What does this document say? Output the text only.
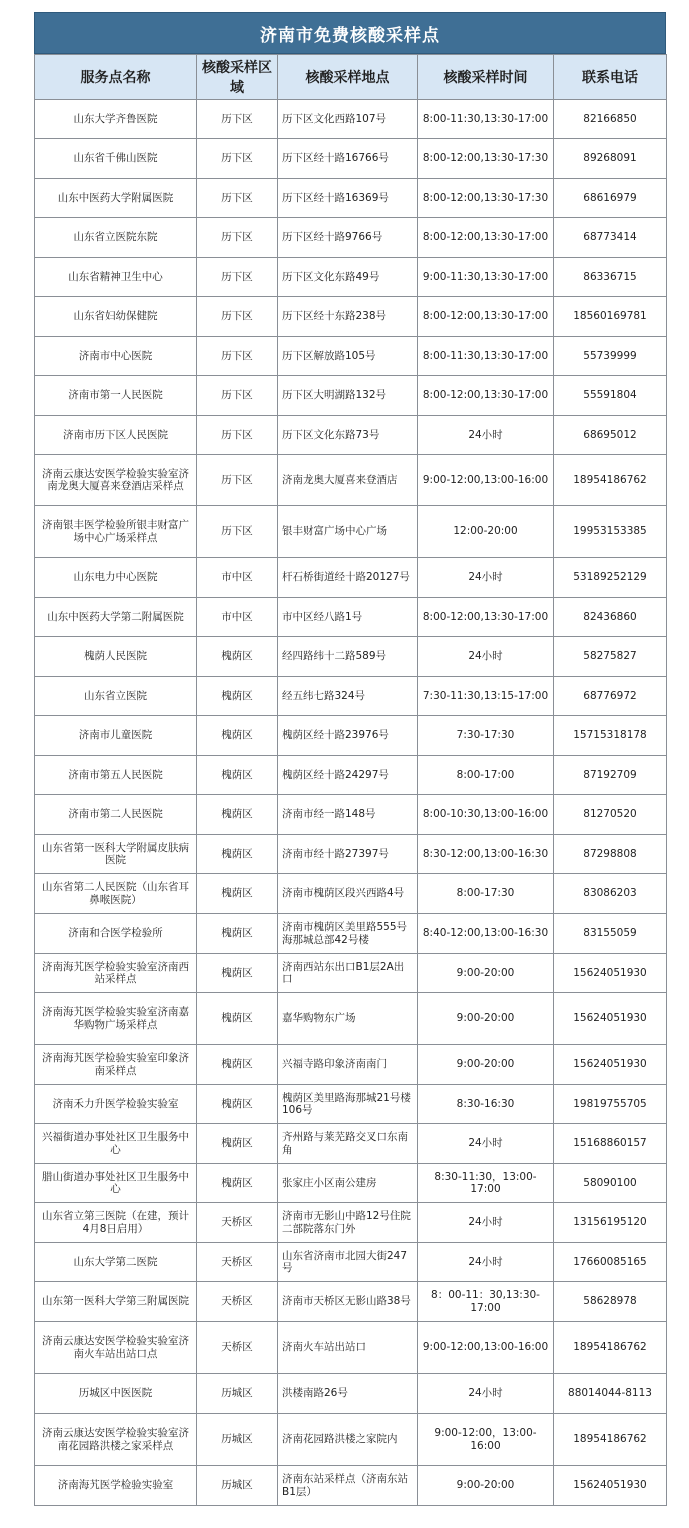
济南市免费核酸采样点
服务点名称	核酸采样区域	核酸采样地点	核酸采样时间	联系电话
山东大学齐鲁医院	历下区	历下区文化西路107号	8:00-11:30,13:30-17:00	82166850
山东省千佛山医院	历下区	历下区经十路16766号	8:00-12:00,13:30-17:30	89268091
山东中医药大学附属医院	历下区	历下区经十路16369号	8:00-12:00,13:30-17:30	68616979
山东省立医院东院	历下区	历下区经十路9766号	8:00-12:00,13:30-17:00	68773414
山东省精神卫生中心	历下区	历下区文化东路49号	9:00-11:30,13:30-17:00	86336715
山东省妇幼保健院	历下区	历下区经十东路238号	8:00-12:00,13:30-17:00	18560169781
济南市中心医院	历下区	历下区解放路105号	8:00-11:30,13:30-17:00	55739999
济南市第一人民医院	历下区	历下区大明湖路132号	8:00-12:00,13:30-17:00	55591804
济南市历下区人民医院	历下区	历下区文化东路73号	24小时	68695012
济南云康达安医学检验实验室济南龙奥大厦喜来登酒店采样点	历下区	济南龙奥大厦喜来登酒店	9:00-12:00,13:00-16:00	18954186762
济南银丰医学检验所银丰财富广场中心广场采样点	历下区	银丰财富广场中心广场	12:00-20:00	19953153385
山东电力中心医院	市中区	杆石桥街道经十路20127号	24小时	53189252129
山东中医药大学第二附属医院	市中区	市中区经八路1号	8:00-12:00,13:30-17:00	82436860
槐荫人民医院	槐荫区	经四路纬十二路589号	24小时	58275827
山东省立医院	槐荫区	经五纬七路324号	7:30-11:30,13:15-17:00	68776972
济南市儿童医院	槐荫区	槐荫区经十路23976号	7:30-17:30	15715318178
济南市第五人民医院	槐荫区	槐荫区经十路24297号	8:00-17:00	87192709
济南市第二人民医院	槐荫区	济南市经一路148号	8:00-10:30,13:00-16:00	81270520
山东省第一医科大学附属皮肤病医院	槐荫区	济南市经十路27397号	8:30-12:00,13:00-16:30	87298808
山东省第二人民医院（山东省耳鼻喉医院）	槐荫区	济南市槐荫区段兴西路4号	8:00-17:30	83086203
济南和合医学检验所	槐荫区	济南市槐荫区美里路555号海那城总部42号楼	8:40-12:00,13:00-16:30	83155059
济南海艽医学检验实验室济南西站采样点	槐荫区	济南西站东出口B1层2A出口	9:00-20:00	15624051930
济南海艽医学检验实验室济南嘉华购物广场采样点	槐荫区	嘉华购物东广场	9:00-20:00	15624051930
济南海艽医学检验实验室印象济南采样点	槐荫区	兴福寺路印象济南南门	9:00-20:00	15624051930
济南禾力升医学检验实验室	槐荫区	槐荫区美里路海那城21号楼106号	8:30-16:30	19819755705
兴福街道办事处社区卫生服务中心	槐荫区	齐州路与莱芜路交叉口东南角	24小时	15168860157
腊山街道办事处社区卫生服务中心	槐荫区	张家庄小区南公建房	8:30-11:30，13:00-17:00	58090100
山东省立第三医院（在建，预计4月8日启用）	天桥区	济南市无影山中路12号住院二部院落东门外	24小时	13156195120
山东大学第二医院	天桥区	山东省济南市北园大街247号	24小时	17660085165
山东第一医科大学第三附属医院	天桥区	济南市天桥区无影山路38号	8：00-11：30,13:30-17:00	58628978
济南云康达安医学检验实验室济南火车站出站口点	天桥区	济南火车站出站口	9:00-12:00,13:00-16:00	18954186762
历城区中医医院	历城区	洪楼南路26号	24小时	88014044-8113
济南云康达安医学检验实验室济南花园路洪楼之家采样点	历城区	济南花园路洪楼之家院内	9:00-12:00，13:00-16:00	18954186762
济南海艽医学检验实验室	历城区	济南东站采样点（济南东站B1层）	9:00-20:00	15624051930
